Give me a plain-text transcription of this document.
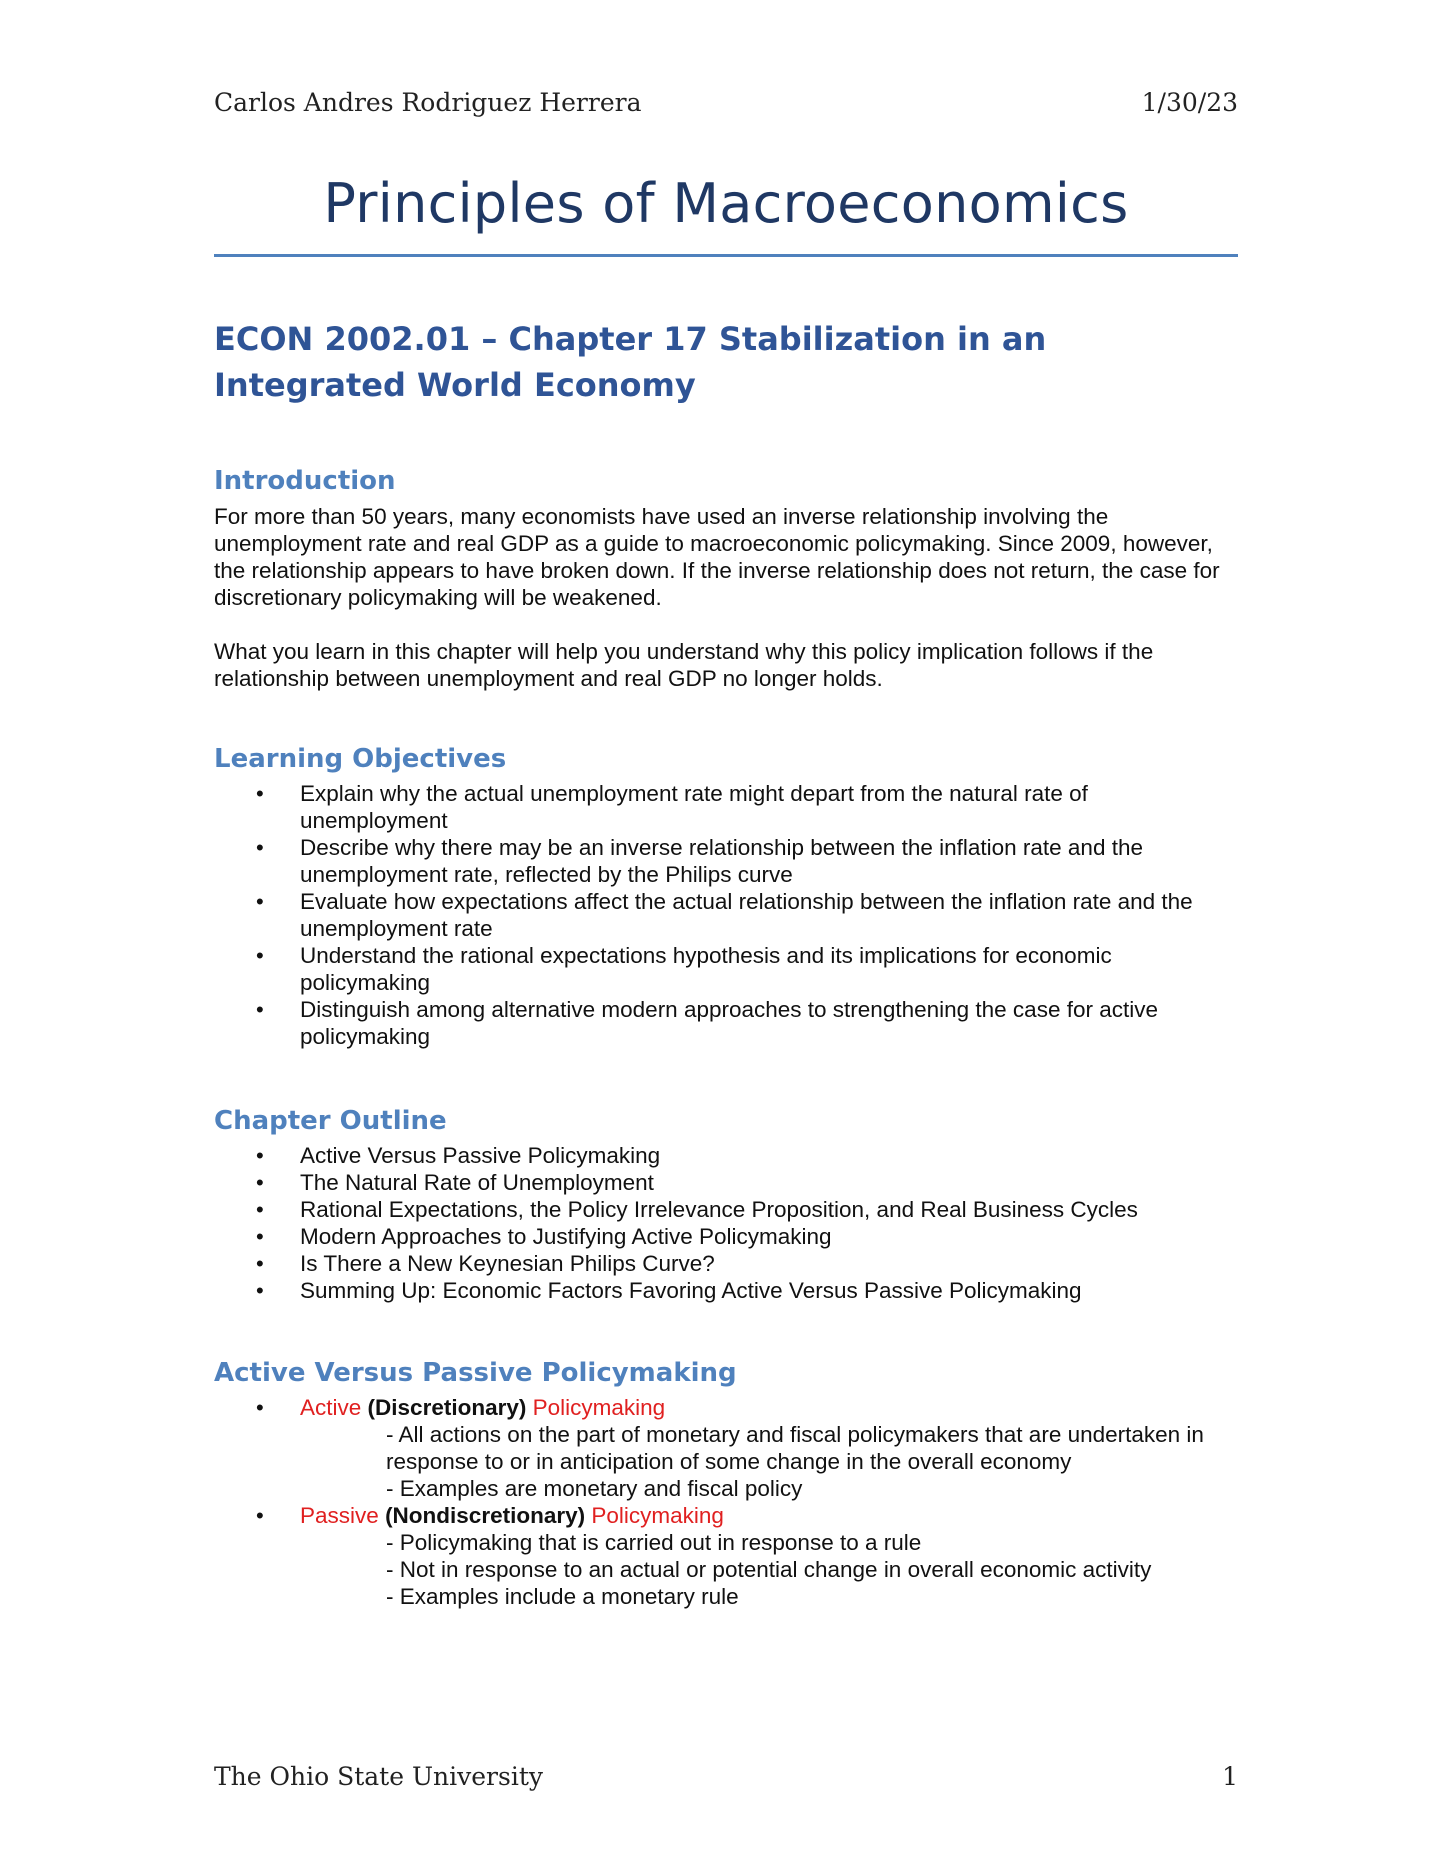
Carlos Andres Rodriguez Herrera	1/30/23
Principles of Macroeconomics
ECON 2002.01 – Chapter 17 Stabilization in an Integrated World Economy
Introduction
For more than 50 years, many economists have used an inverse relationship involving the unemployment rate and real GDP as a guide to macroeconomic policymaking. Since 2009, however, the relationship appears to have broken down. If the inverse relationship does not return, the case for discretionary policymaking will be weakened.
What you learn in this chapter will help you understand why this policy implication follows if the relationship between unemployment and real GDP no longer holds.
Learning Objectives
• Explain why the actual unemployment rate might depart from the natural rate of unemployment
• Describe why there may be an inverse relationship between the inflation rate and the unemployment rate, reflected by the Philips curve
• Evaluate how expectations affect the actual relationship between the inflation rate and the unemployment rate
• Understand the rational expectations hypothesis and its implications for economic policymaking
• Distinguish among alternative modern approaches to strengthening the case for active policymaking
Chapter Outline
• Active Versus Passive Policymaking
• The Natural Rate of Unemployment
• Rational Expectations, the Policy Irrelevance Proposition, and Real Business Cycles
• Modern Approaches to Justifying Active Policymaking
• Is There a New Keynesian Philips Curve?
• Summing Up: Economic Factors Favoring Active Versus Passive Policymaking
Active Versus Passive Policymaking
• Active (Discretionary) Policymaking
- All actions on the part of monetary and fiscal policymakers that are undertaken in response to or in anticipation of some change in the overall economy
- Examples are monetary and fiscal policy
• Passive (Nondiscretionary) Policymaking
- Policymaking that is carried out in response to a rule
- Not in response to an actual or potential change in overall economic activity
- Examples include a monetary rule
The Ohio State University	1
